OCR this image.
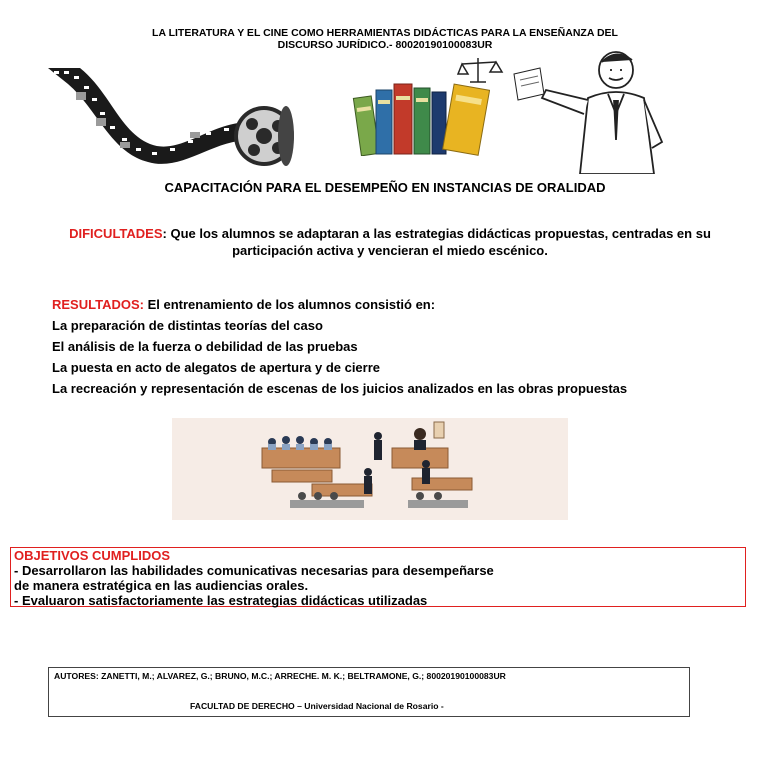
LA LITERATURA Y EL CINE COMO HERRAMIENTAS DIDÁCTICAS PARA LA ENSEÑANZA DEL
DISCURSO JURÍDICO.- 80020190100083UR
CAPACITACIÓN PARA EL DESEMPEÑO EN INSTANCIAS DE ORALIDAD
DIFICULTADES: Que los alumnos se adaptaran a las estrategias didácticas propuestas, centradas en su participación activa y vencieran el miedo escénico.
RESULTADOS: El entrenamiento de los alumnos consistió en:
La preparación de distintas teorías del caso
El análisis de la fuerza o debilidad de las pruebas
La puesta en acto de alegatos de apertura y de cierre
La recreación y representación de escenas de los juicios analizados en las obras propuestas
OBJETIVOS CUMPLIDOS
- Desarrollaron las habilidades comunicativas necesarias para desempeñarse
de manera estratégica en las audiencias orales.
- Evaluaron satisfactoriamente las estrategias didácticas utilizadas
AUTORES: ZANETTI, M.; ALVAREZ, G.; BRUNO, M.C.; ARRECHE. M. K.; BELTRAMONE, G.; 80020190100083UR
FACULTAD DE DERECHO – Universidad Nacional de Rosario -
